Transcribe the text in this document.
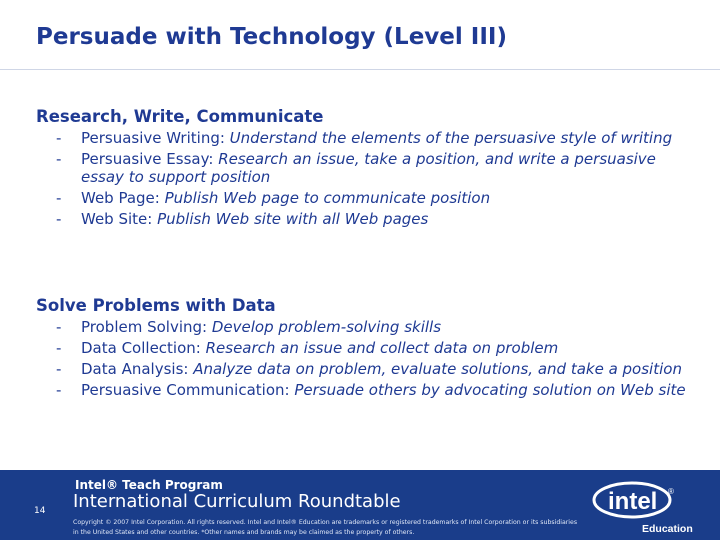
Persuade with Technology (Level III)
Research, Write, Communicate
- Persuasive Writing: Understand the elements of the persuasive style of writing
- Persuasive Essay: Research an issue, take a position, and write a persuasive essay to support position
- Web Page: Publish Web page to communicate position
- Web Site: Publish Web site with all Web pages
Solve Problems with Data
- Problem Solving: Develop problem-solving skills
- Data Collection: Research an issue and collect data on problem
- Data Analysis: Analyze data on problem, evaluate solutions, and take a position
- Persuasive Communication: Persuade others by advocating solution on Web site
14
Intel® Teach Program
International Curriculum Roundtable
Copyright © 2007 Intel Corporation. All rights reserved. Intel and Intel® Education are trademarks or registered trademarks of Intel Corporation or its subsidiaries in the United States and other countries. *Other names and brands may be claimed as the property of others.
intel ®
Education
